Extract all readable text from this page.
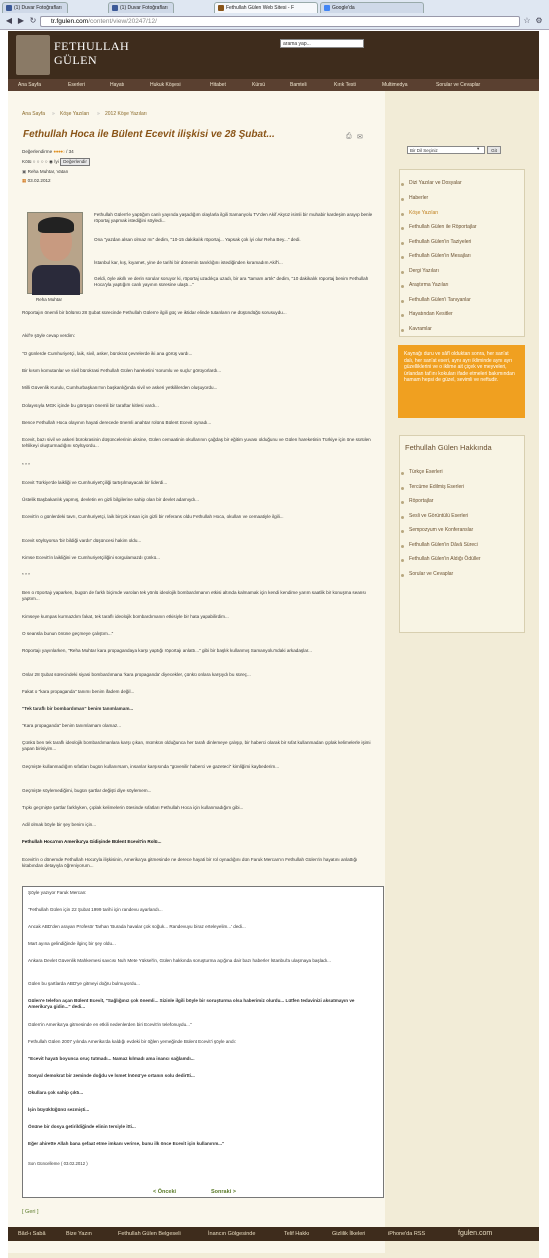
(1) Duvar Fotoğrafları	(1) Duvar Fotoğrafları	Fethullah Gülen Web Sitesi - F	Google'da
◀ ▶ ↻	tr.fgulen.com/content/view/20247/12/	☆ ⚙
FETHULLAH
GÜLEN
arama yap...
Ana Sayfa	Eserleri	Hayatı	Hukuk Köşesi	Hitabet	Kürsü	Bamteli	Kırık Testi	Multimedya	Sorular ve Cevaplar
Ana Sayfa » Köşe Yazıları » 2012 Köşe Yazıları
Fethullah Hoca ile Bülent Ecevit ilişkisi ve 28 Şubat...	⎙ ✉
Değerlendirme ●●●●○ / 34
Kötü ○ ○ ○ ○ ◉ İyi Değerlendir
▣ Reha Muhtar, Vatan
▦ 03.02.2012
Reha Muhtar
Fethullah Gülen'le yaptığım canlı yayında yaşadığım olaylarla ilgili Samanyolu TV'den Akif Akyüz isimli bir muhabir kardeşim arayıp benle röportaj yapmak istediğini söyledi...
Ona "yazdan alsan olmaz mı" dedim, "10-15 dakikalık röportaj... Yapsak çok iyi olur Reha Bey..." dedi.
İstanbul kar, kış, kıyamet, yine de tarihi bir dönemin tanıklığını istediğinden kıramadım Akif'i...
Geldi, öyle akıllı ve derin sorular soruyor ki, röportaj uzadıkça uzadı, bir ara "tamam artık" dedim, "10 dakikalık röportaj benim Fethullah Hoca'yla yaptığım canlı yayının süresine ulaştı..."
Röportajın önemli bir bölümü 28 Şubat sürecinde Fethullah Gülen'e ilgili güç ve iktidar elinde tutanların ne düşündüğü sorusuydu...
Akif'e şöyle cevap verdim:
"O günlerde Cumhuriyetçi, laik, sivil, asker, bürokrat çevrelerde iki ana görüş vardı...
Bir kısım komutanlar ve sivil bürokrasi Fethullah Gülen hareketini 'sorumlu ve suçlu' görüyorlardı...
Milli Güvenlik Kurulu, Cumhurbaşkanı'nın başkanlığında sivil ve askeri yetkililerden oluşuyordu...
Dolayısıyla MGK içinde bu görüşün önemli bir taraftar kitlesi vardı...
Bence Fethullah Hoca olayının hayati derecede önemli anahtar rolünü Bülent Ecevit oynadı...
Ecevit, bazı sivil ve askeri bürokrasinin düşüncelerinin aksine, Gülen cemaatinin okullarının çağdaş bir eğitim yuvası olduğunu ve Gülen hareketinin Türkiye için öne sürülen tehlikeyi oluşturmadığını söylüyordu...
* * *
Ecevit Türkiye'de laikliği ve Cumhuriyet'çiliği tartışılmayacak bir liderdi...
Üstelik Başbakanlık yapmış, devletin en gizli bilgilerine sahip olan bir devlet adamıydı...
Ecevit'in o günlerdeki tavrı, Cumhuriyetçi, laik birçok insan için gizli bir referans oldu Fethullah Hoca, okulları ve cemaatiyle ilgili...
Ecevit söylüyorsa 'bir bildiği vardır' düşüncesi hakim oldu...
Kimse Ecevit'in laikliğini ve Cumhuriyetçiliğini sorgulamazdı çünkü...
* * *
Ben o röportajı yaparken, bugün de farklı biçimde varolan tek yönlü ideolojik bombardımanın etkisi altında kalmamak için kendi kendime yarım saatlik bir konuşma seansı yaptım...
Kimseye kumpas kurmazdım fakat, tek taraflı ideolojik bombardımanın etkisiyle bir hata yapabilirdim...
O seansla bunun önüne geçmeye çalıştım..."
Röportajı yayınlarken, "Reha Muhtar kara propagandaya karşı yaptığı röportajı anlattı..." gibi bir başlık kullanmış Samanyolu'ndaki arkadaşlar...
Onlar 28 Şubat sürecindeki siyasi bombardımana 'kara propaganda' diyecekler, çünkü onlara karşıydı bu süreç...
Fakat o "kara propaganda" tanımı benim ifadem değil...
"Tek taraflı bir bombardıman" benim tanımlamam...
"Kara propaganda" benim tanımlamam olamaz...
Çünkü ben tek taraflı ideolojik bombardımanlara karşı çıkan, mümkün olduğunca her tarafı dinlemeye çalışıp, bir haberci olarak bir sıfat kullanmadan çıplak kelimelerle işimi yapan birisiyim...
Geçmişte kullanmadığım sıfatları bugün kullanırsam, insanlar karşısında "güvenilir haberci ve gazeteci" kimliğimi kaybederim...
Geçmişte söylemediğimi, bugün şartlar değişti diye söylemem...
Tıpkı geçmişte şartlar farklıyken, çıplak kelimelerin ötesinde sıfatları Fethullah Hoca için kullanmadığım gibi...
Adil olmak böyle bir şey benim için...
Fethullah Hoca'nın Amerika'ya Gidişinde Bülent Ecevit'in Rolü...
Ecevit'in o dönemde Fethullah Hoca'yla ilişkisinin, Amerika'ya gitmesinde ne derece hayati bir rol oynadığını dün Faruk Mercan'ın Fethullah Gülen'in hayatını anlattığı kitabından detayıyla öğreniyorum...
Şöyle yazıyor Faruk Mercan:
"Fethullah Gülen için 22 Şubat 1999 tarihi için randevu ayarlandı...
Ancak ABD'den arayan Profesör Tarhan 'Burada havalar çok soğuk... Randevuyu biraz erteleyelim...' dedi...
Mart ayına gelindiğinde ilginç bir şey oldu...
Ankara Devlet Güvenlik Mahkemesi savcısı Nuh Mete Yüksel'in, Gülen hakkında soruşturma açığına dair bazı haberler İstanbul'a ulaşmaya başladı...
Gülen bu şartlarda ABD'ye gitmeyi doğru bulmuyordu...
Gülen'e telefon açan Bülent Ecevit, "Sağlığınız çok önemli... Sizinle ilgili böyle bir soruşturma olsa haberimiz olurdu... Lütfen tedavinizi aksatmayın ve Amerika'ya gidin..." dedi...
Gülen'in Amerika'ya gitmesinde en etkili nedenlerden biri Ecevit'in telefonuydu..."
Fethullah Gülen 2007 yılında Amerika'da kaldığı evdeki bir öğlen yemeğinde Bülent Ecevit'i şöyle andı:
"Ecevit hayatı boyunca oruç tutmadı... Namaz kılmadı ama inancı sağlamdı...
Sosyal demokrat bir zeminde doğdu ve İsmet İnönü'ye ortanın solu dedirtti...
Okullara çok sahip çıktı...
İşin büyüklüğünü sezmişti...
Önüne bir dosya getirildiğinde elinin tersiyle itti...
Eğer ahirette Allah bana şefaat etme imkanı verirse, bunu ilk önce Ecevit için kullanırım..."
Son Güncelleme ( 03.02.2012 )
< Önceki	Sonraki >
[ Geri ]
Bir Dil Seçiniz	▾	Git
Dizi Yazılar ve Dosyalar
Haberler
Köşe Yazıları
Fethullah Gülen ile Röportajlar
Fethullah Gülen'in Taziyeleri
Fethullah Gülen'in Mesajları
Dergi Yazıları
Araştırma Yazıları
Fethullah Gülen'i Tanıyanlar
Hayatından Kesitler
Kavramlar
Kaynağı duru ve sâfî olduktan sonra, her san'at dalı, her san'at eseri, aynı ayrı ikliminde aynı ayrı güzelliklerini ve o iklime ait çiçek ve meyveleri, ürlandan tat'ını kokuları ifade etmeleri bakımından hamam hepsi de güzel, sevimli ve neftudir.
Fethullah Gülen Hakkında
Türkçe Eserleri
Tercüme Edilmiş Eserleri
Röportajlar
Sesli ve Görüntülü Eserleri
Sempozyum ve Konferanslar
Fethullah Gülen'in Dâvâ Süreci
Fethullah Gülen'in Aldığı Ödüller
Sorular ve Cevaplar
Bâd-ı Sabâ	Bize Yazın	Fethullah Gülen Belgeseli	İnancın Gölgesinde	Telif Hakkı	Gizlilik İlkeleri	iPhone'da RSS	fgulen.com
